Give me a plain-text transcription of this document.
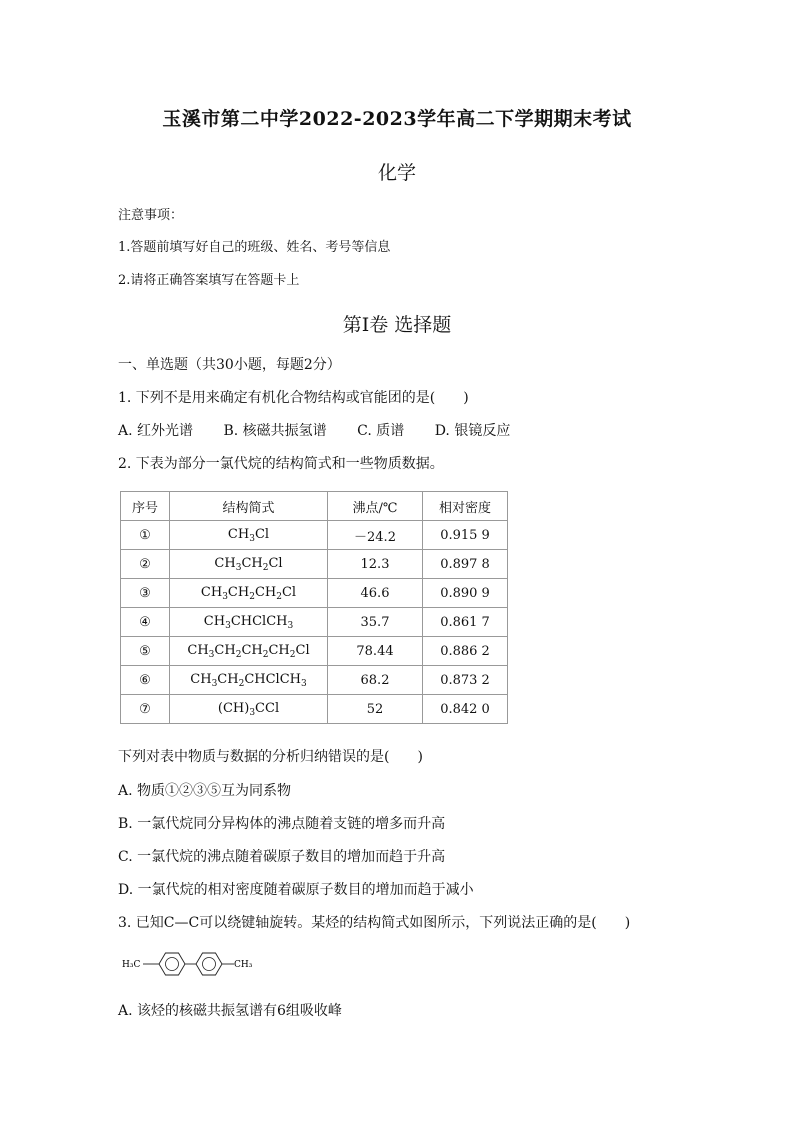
玉溪市第二中学2022-2023学年高二下学期期末考试
化学
注意事项：
1.答题前填写好自己的班级、姓名、考号等信息
2.请将正确答案填写在答题卡上
第Ⅰ卷 选择题
一、单选题（共30小题，每题2分）
1. 下列不是用来确定有机化合物结构或官能团的是(　　)
A. 红外光谱 B. 核磁共振氢谱 C. 质谱 D. 银镜反应
2. 下表为部分一氯代烷的结构简式和一些物质数据。
序号	结构简式	沸点/℃	相对密度
①	$CH_3Cl$	－24.2	0.915 9
②	$CH_3CH_2Cl$	12.3	0.897 8
③	$CH_3CH_2CH_2Cl$	46.6	0.890 9
④	$CH_3CHClCH_3$	35.7	0.861 7
⑤	$CH_3CH_2CH_2CH_2Cl$	78.44	0.886 2
⑥	$CH_3CH_2CHClCH_3$	68.2	0.873 2
⑦	$(CH)_3CCl$	52	0.842 0
下列对表中物质与数据的分析归纳错误的是(　　)
A. 物质①②③⑤互为同系物
B. 一氯代烷同分异构体的沸点随着支链的增多而升高
C. 一氯代烷的沸点随着碳原子数目的增加而趋于升高
D. 一氯代烷的相对密度随着碳原子数目的增加而趋于减小
3. 已知C—C可以绕键轴旋转。某烃的结构简式如图所示，下列说法正确的是(　　)
H₃C	CH₃
A. 该烃的核磁共振氢谱有6组吸收峰
